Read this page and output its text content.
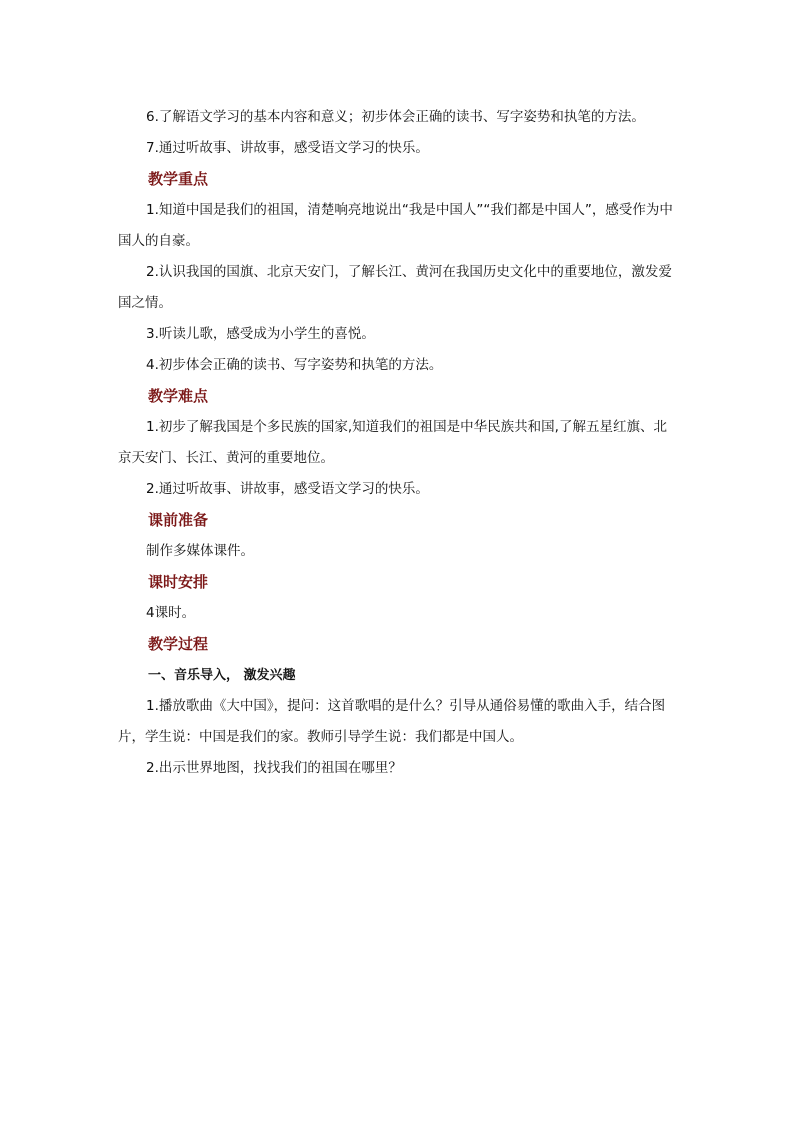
6.了解语文学习的基本内容和意义；初步体会正确的读书、写字姿势和执笔的方法。

7.通过听故事、讲故事，感受语文学习的快乐。

教学重点

1.知道中国是我们的祖国，清楚响亮地说出“我是中国人”“我们都是中国人”，感受作为中国人的自豪。

2.认识我国的国旗、北京天安门，了解长江、黄河在我国历史文化中的重要地位，激发爱国之情。

3.听读儿歌，感受成为小学生的喜悦。

4.初步体会正确的读书、写字姿势和执笔的方法。

教学难点

1.初步了解我国是个多民族的国家,知道我们的祖国是中华民族共和国,了解五星红旗、北京天安门、长江、黄河的重要地位。

2.通过听故事、讲故事，感受语文学习的快乐。

课前准备

制作多媒体课件。

课时安排

4课时。

教学过程

一、音乐导入， 激发兴趣

1.播放歌曲《大中国》，提问：这首歌唱的是什么？引导从通俗易懂的歌曲入手，结合图片，学生说：中国是我们的家。教师引导学生说：我们都是中国人。

2.出示世界地图，找找我们的祖国在哪里？
